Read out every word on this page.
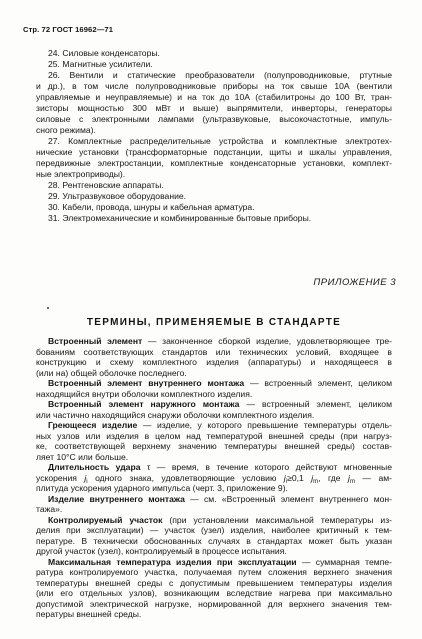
Стр. 72 ГОСТ 16962—71
24. Силовые конденсаторы.
25. Магнитные усилители.
26. Вентили и статические преобразователи (полупроводниковые, ртутные
и др.), в том числе полупроводниковые приборы на ток свыше 10А (вентили
управляемые и неуправляемые) и на ток до 10А (стабилитроны до 100 Вт, тран-
зисторы мощностью 300 мВт и выше) выпрямители, инверторы, генераторы
силовые с электронными лампами (ультразвуковые, высокочастотные, импуль-
сного режима).
27. Комплектные распределительные устройства и комплектные электротех-
нические установки (трансформаторные подстанции, щиты и шкалы управления,
передвижные электростанции, комплектные конденсаторные установки, комплект-
ные электроприводы).
28. Рентгеновские аппараты.
29. Ультразвуковое оборудование.
30. Кабели, провода, шнуры и кабельная арматура.
31. Электромеханические и комбинированные бытовые приборы.
ПРИЛОЖЕНИЕ 3
ТЕРМИНЫ, ПРИМЕНЯЕМЫЕ В СТАНДАРТЕ
Встроенный элемент — законченное сборкой изделие, удовлетворяющее тре-
бованиям соответствующих стандартов или технических условий, входящее в
конструкцию и схему комплектного изделия (аппаратуры) и находящееся в
(или на) общей оболочке последнего.
Встроенный элемент внутреннего монтажа — встроенный элемент, целиком
находящийся внутри оболочки комплектного изделия.
Встроенный элемент наружного монтажа — встроенный элемент, целиком
или частично находящийся снаружи оболочки комплектного изделия.
Греющееся изделие — изделие, у которого превышение температуры отдель-
ных узлов или изделия в целом над температурой внешней среды (при нагруз-
ке, соответствующей верхнему значению температуры внешней среды) состав-
ляет 10°С или больше.
Длительность удара τ — время, в течение которого действуют мгновенные
ускорения $j_i$ одного знака, удовлетворяющие условию $j_i\ge 0,1$ $j_m$, где $j_m$ — ам-
плитуда ускорения ударного импульса (черт. 3, приложение 9).
Изделие внутреннего монтажа — см. «Встроенный элемент внутреннего мон-
тажа».
Контролируемый участок (при установлении максимальной температуры из-
делия при эксплуатации) — участок (узел) изделия, наиболее критичный к тем-
пературе. В технически обоснованных случаях в стандартах может быть указан
другой участок (узел), контролируемый в процессе испытания.
Максимальная температура изделия при эксплуатации — суммарная темпе-
ратура контролируемого участка, получаемая путем сложения верхнего значения
температуры внешней среды с допустимым превышением температуры изделия
(или его отдельных узлов), возникающим вследствие нагрева при максимально
допустимой электрической нагрузке, нормированной для верхнего значения тем-
пературы внешней среды.
